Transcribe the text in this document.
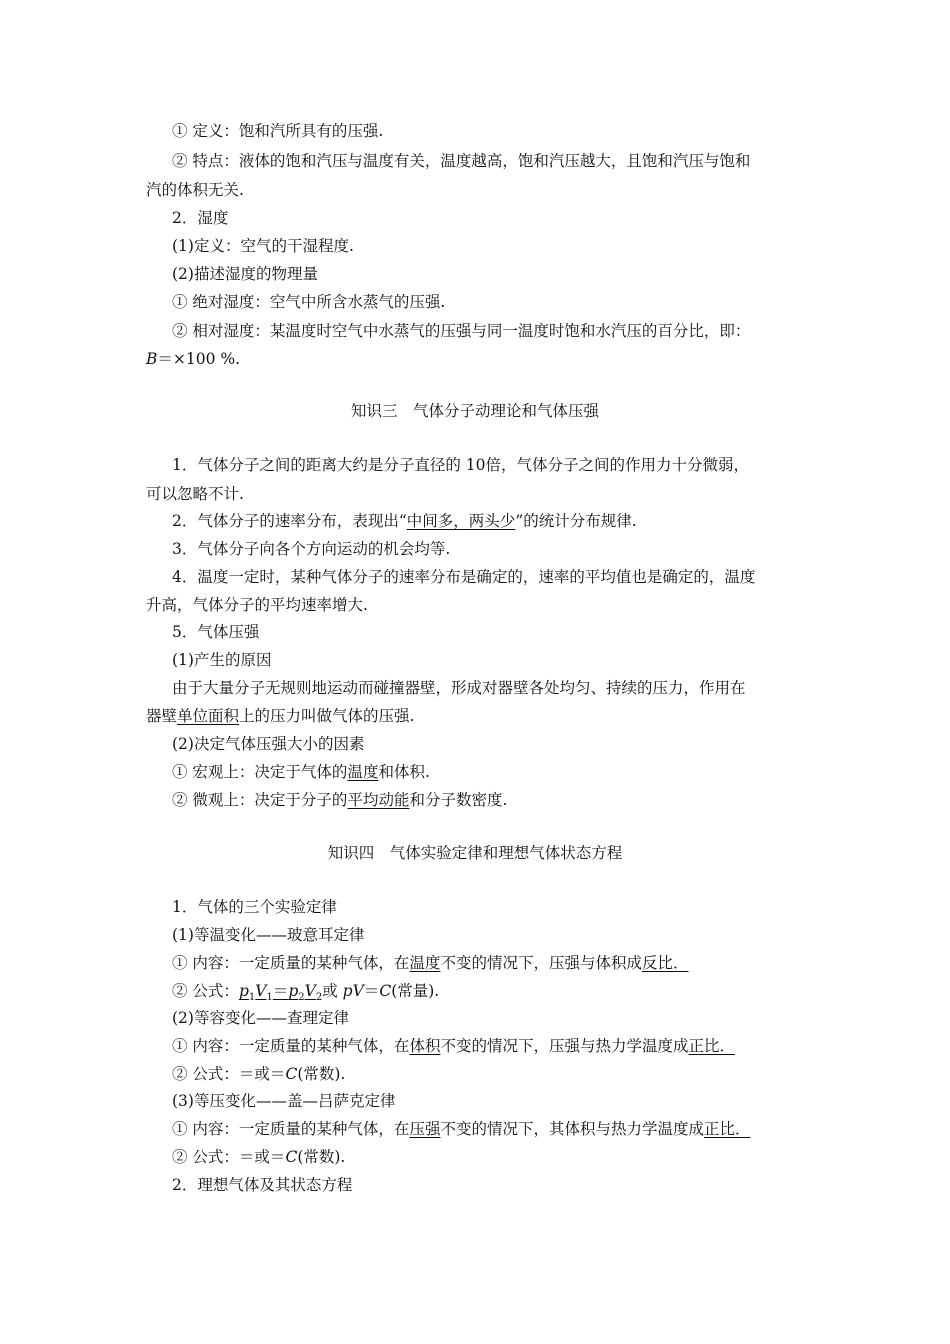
① 定义：饱和汽所具有的压强.
② 特点：液体的饱和汽压与温度有关，温度越高，饱和汽压越大，且饱和汽压与饱和
汽的体积无关.
2．湿度
(1)定义：空气的干湿程度.
(2)描述湿度的物理量
① 绝对湿度：空气中所含水蒸气的压强.
② 相对湿度：某温度时空气中水蒸气的压强与同一温度时饱和水汽压的百分比，即：
B＝×100 %.
知识三　气体分子动理论和气体压强
1．气体分子之间的距离大约是分子直径的 10倍，气体分子之间的作用力十分微弱，
可以忽略不计.
2．气体分子的速率分布，表现出“中间多，两头少”的统计分布规律.
3．气体分子向各个方向运动的机会均等.
4．温度一定时，某种气体分子的速率分布是确定的，速率的平均值也是确定的，温度
升高，气体分子的平均速率增大.
5．气体压强
(1)产生的原因
由于大量分子无规则地运动而碰撞器壁，形成对器壁各处均匀、持续的压力，作用在
器壁单位面积上的压力叫做气体的压强.
(2)决定气体压强大小的因素
① 宏观上：决定于气体的温度和体积.
② 微观上：决定于分子的平均动能和分子数密度.
知识四　气体实验定律和理想气体状态方程
1．气体的三个实验定律
(1)等温变化——玻意耳定律
① 内容：一定质量的某种气体，在温度不变的情况下，压强与体积成反比．
② 公式：$p_1V_1=p_2V_2$或 pV＝C(常量).
(2)等容变化——查理定律
① 内容：一定质量的某种气体，在体积不变的情况下，压强与热力学温度成正比．
② 公式：＝或＝C(常数).
(3)等压变化——盖—吕萨克定律
① 内容：一定质量的某种气体，在压强不变的情况下，其体积与热力学温度成正比．
② 公式：＝或＝C(常数).
2．理想气体及其状态方程
